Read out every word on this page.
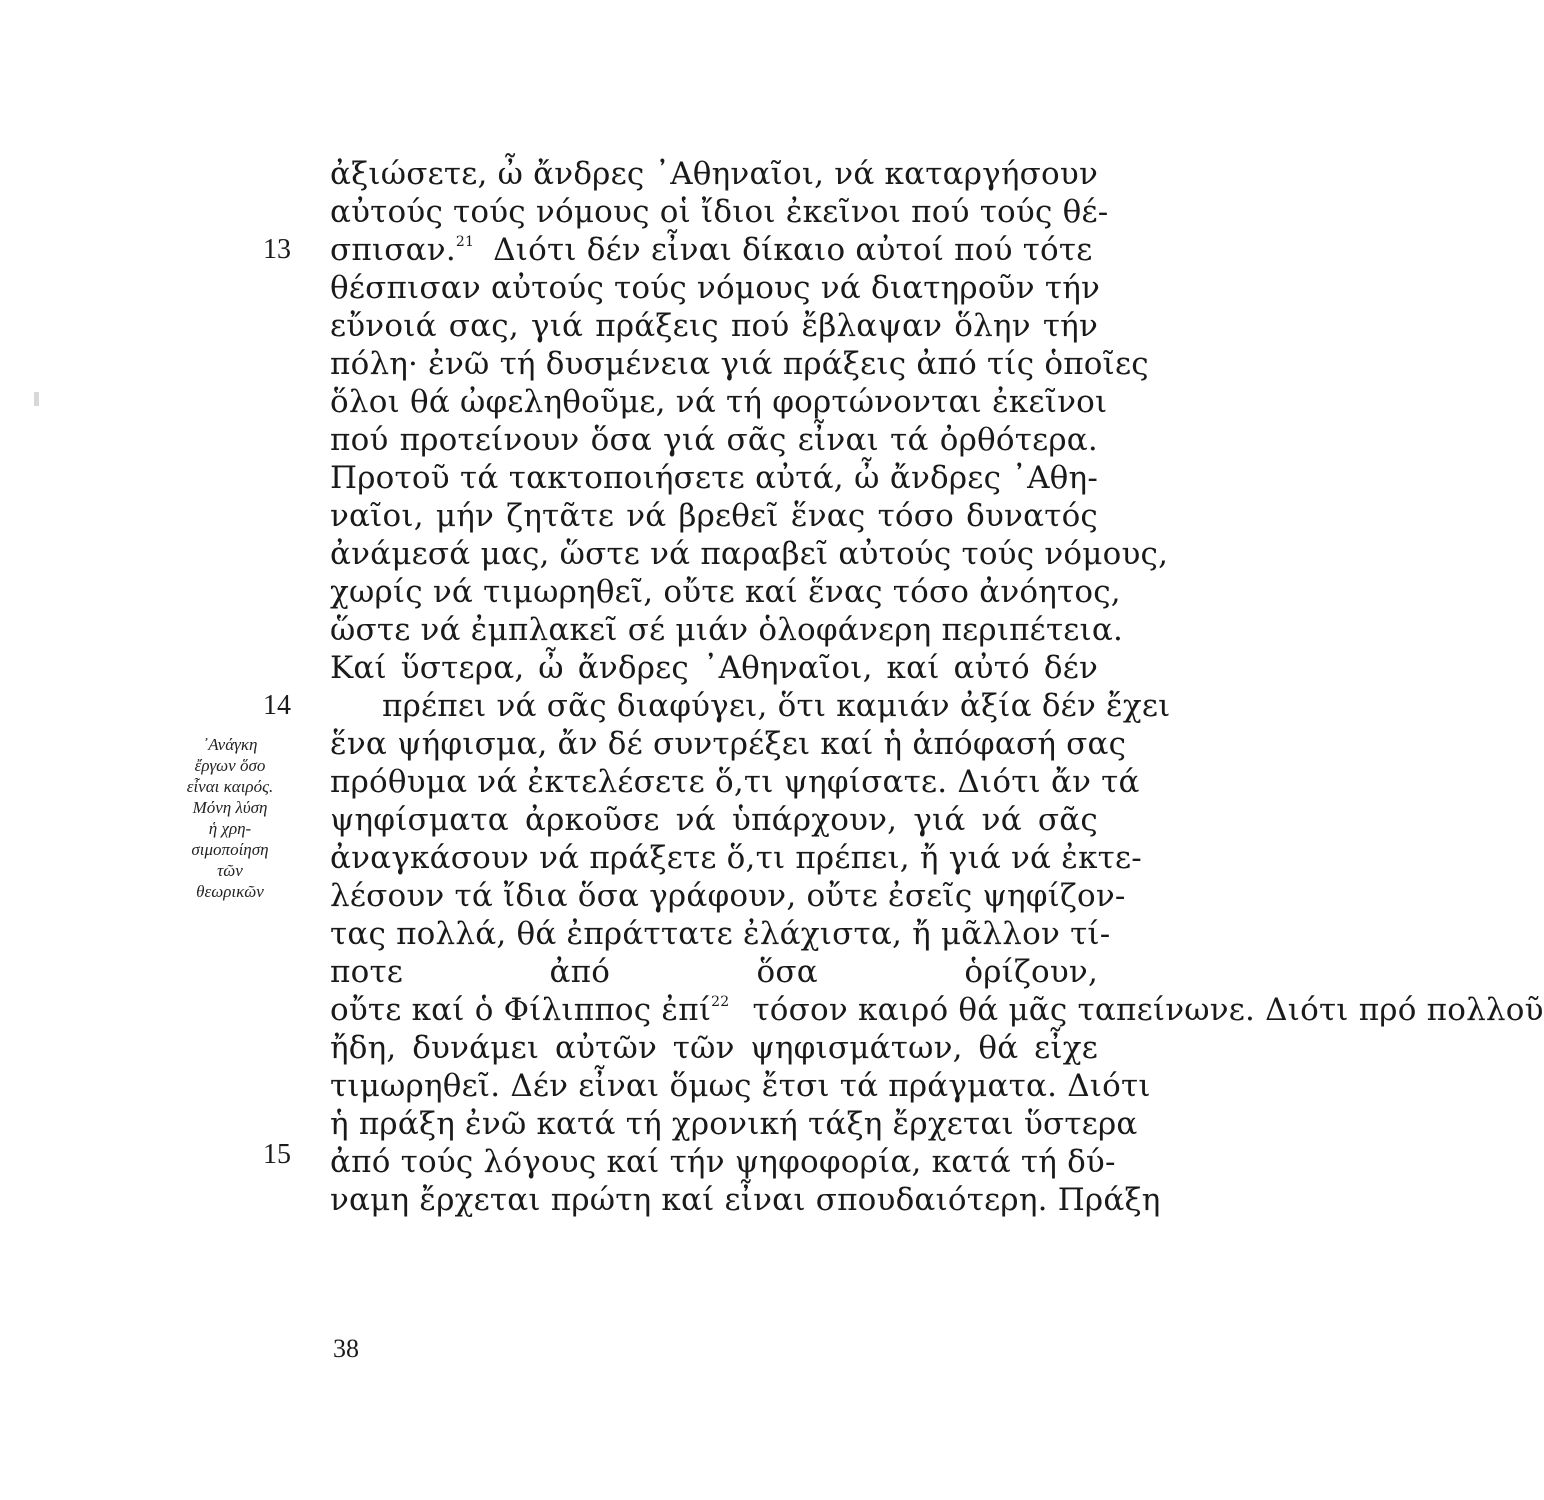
13
14
15
᾿Ανάγκη
ἔργων ὅσο
εἶναι καιρός.
Μόνη λύση
ἡ χρη-
σιμοποίηση
τῶν
θεωρικῶν
ἀξιώσετε, ὦ ἄνδρες ᾿Αθηναῖοι, νά καταργήσουν
αὐτούς τούς νόμους οἱ ἴδιοι ἐκεῖνοι πού τούς θέ-
σπισαν.$^{21}$ Διότι δέν εἶναι δίκαιο αὐτοί πού τότε
θέσπισαν αὐτούς τούς νόμους νά διατηροῦν τήν
εὔνοιά σας, γιά πράξεις πού ἔβλαψαν ὅλην τήν
πόλη· ἐνῶ τή δυσμένεια γιά πράξεις ἀπό τίς ὁποῖες
ὅλοι θά ὠφεληθοῦμε, νά τή φορτώνονται ἐκεῖνοι
πού προτείνουν ὅσα γιά σᾶς εἶναι τά ὀρθότερα.
Προτοῦ τά τακτοποιήσετε αὐτά, ὦ ἄνδρες ᾿Αθη-
ναῖοι, μήν ζητᾶτε νά βρεθεῖ ἕνας τόσο δυνατός
ἀνάμεσά μας, ὥστε νά παραβεῖ αὐτούς τούς νόμους,
χωρίς νά τιμωρηθεῖ, οὔτε καί ἕνας τόσο ἀνόητος,
ὥστε νά ἐμπλακεῖ σέ μιάν ὁλοφάνερη περιπέτεια.
Καί ὕστερα, ὦ ἄνδρες ᾿Αθηναῖοι, καί αὐτό δέν
πρέπει νά σᾶς διαφύγει, ὅτι καμιάν ἀξία δέν ἔχει
ἕνα ψήφισμα, ἄν δέ συντρέξει καί ἡ ἀπόφασή σας
πρόθυμα νά ἐκτελέσετε ὅ,τι ψηφίσατε. Διότι ἄν τά
ψηφίσματα ἀρκοῦσε νά ὑπάρχουν, γιά νά σᾶς
ἀναγκάσουν νά πράξετε ὅ,τι πρέπει, ἤ γιά νά ἐκτε-
λέσουν τά ἴδια ὅσα γράφουν, οὔτε ἐσεῖς ψηφίζον-
τας πολλά, θά ἐπράττατε ἐλάχιστα, ἤ μᾶλλον τί-
ποτε ἀπό ὅσα ὁρίζουν,
οὔτε καί ὁ Φίλιππος ἐπί$^{22}$ τόσον καιρό θά μᾶς ταπείνωνε. Διότι πρό πολλοῦ
ἤδη, δυνάμει αὐτῶν τῶν ψηφισμάτων, θά εἶχε
τιμωρηθεῖ. Δέν εἶναι ὅμως ἔτσι τά πράγματα. Διότι
ἡ πράξη ἐνῶ κατά τή χρονική τάξη ἔρχεται ὕστερα
ἀπό τούς λόγους καί τήν ψηφοφορία, κατά τή δύ-
ναμη ἔρχεται πρώτη καί εἶναι σπουδαιότερη. Πράξη
38
